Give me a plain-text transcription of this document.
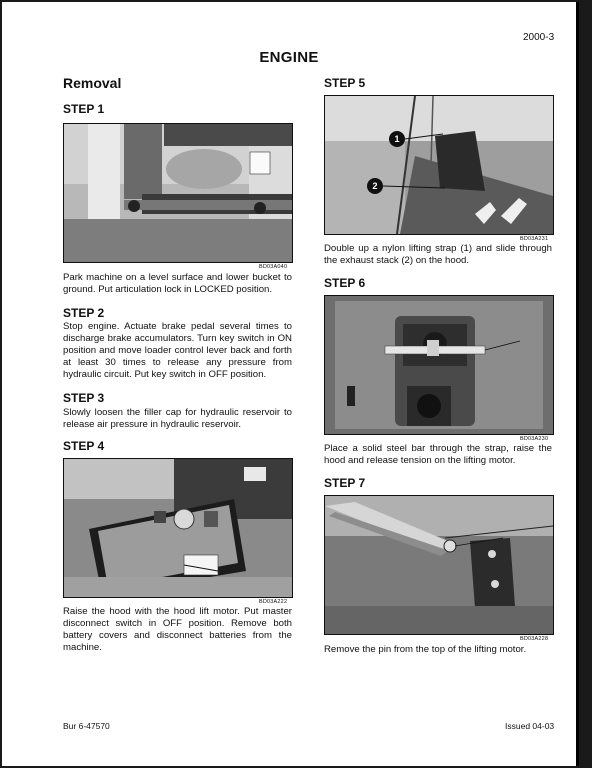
2000-3
ENGINE
Removal
STEP 1
BD03A040
Park machine on a level surface and lower bucket to ground. Put articulation lock in LOCKED position.
STEP 2
Stop engine. Actuate brake pedal several times to discharge brake accumulators. Turn key switch in ON position and move loader control lever back and forth at least 30 times to release any pressure from hydraulic circuit. Put key switch in OFF position.
STEP 3
Slowly loosen the filler cap for hydraulic reservoir to release air pressure in hydraulic reservoir.
STEP 4
BD03A222
Raise the hood with the hood lift motor. Put master disconnect switch in OFF position. Remove both battery covers and disconnect batteries from the machine.
STEP 5
1
2
BD03A231
Double up a nylon lifting strap (1) and slide through the exhaust stack (2) on the hood.
STEP 6
BD03A230
Place a solid steel bar through the strap, raise the hood and release tension on the lifting motor.
STEP 7
BD03A228
Remove the pin from the top of the lifting motor.
Bur 6-47570	Issued 04-03
